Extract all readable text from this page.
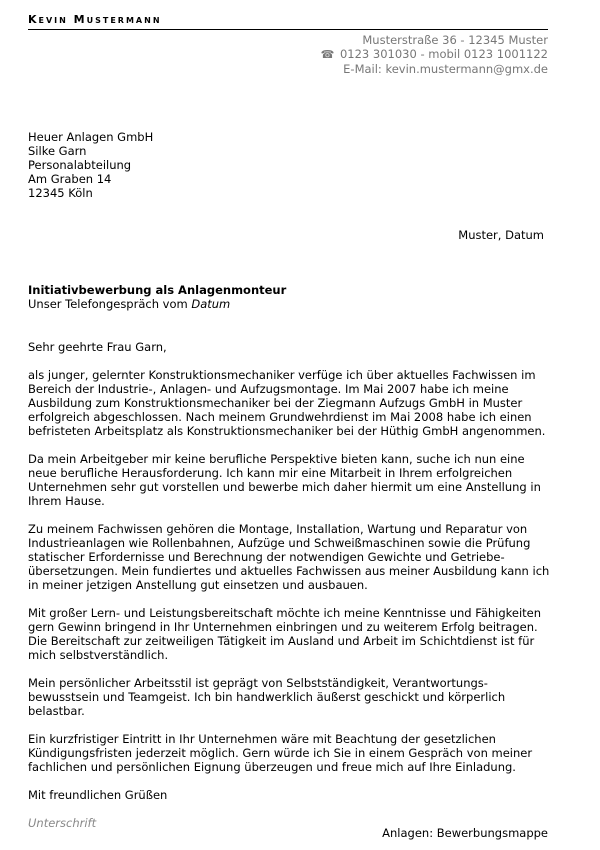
Kevin Mustermann
Musterstraße 36 - 12345 Muster
☎ 0123 301030 - mobil 0123 1001122
E-Mail: kevin.mustermann@gmx.de
Heuer Anlagen GmbH
Silke Garn
Personalabteilung
Am Graben 14
12345 Köln
Muster, Datum
Initiativbewerbung als Anlagenmonteur
Unser Telefongespräch vom Datum

Sehr geehrte Frau Garn,

als junger, gelernter Konstruktionsmechaniker verfüge ich über aktuelles Fachwissen im Bereich der Industrie-, Anlagen- und Aufzugsmontage. Im Mai 2007 habe ich meine Ausbildung zum Konstruktionsmechaniker bei der Ziegmann Aufzugs GmbH in Muster erfolgreich abgeschlossen. Nach meinem Grundwehrdienst im Mai 2008 habe ich einen befristeten Arbeitsplatz als Konstruktionsmechaniker bei der Hüthig GmbH angenommen.

Da mein Arbeitgeber mir keine berufliche Perspektive bieten kann, suche ich nun eine neue berufliche Herausforderung. Ich kann mir eine Mitarbeit in Ihrem erfolgreichen Unternehmen sehr gut vorstellen und bewerbe mich daher hiermit um eine Anstellung in Ihrem Hause.

Zu meinem Fachwissen gehören die Montage, Installation, Wartung und Reparatur von Industrieanlagen wie Rollenbahnen, Aufzüge und Schweißmaschinen sowie die Prüfung statischer Erfordernisse und Berechnung der notwendigen Gewichte und Getriebe-übersetzungen. Mein fundiertes und aktuelles Fachwissen aus meiner Ausbildung kann ich in meiner jetzigen Anstellung gut einsetzen und ausbauen.

Mit großer Lern- und Leistungsbereitschaft möchte ich meine Kenntnisse und Fähigkeiten gern Gewinn bringend in Ihr Unternehmen einbringen und zu weiterem Erfolg beitragen. Die Bereitschaft zur zeitweiligen Tätigkeit im Ausland und Arbeit im Schichtdienst ist für mich selbstverständlich.

Mein persönlicher Arbeitsstil ist geprägt von Selbstständigkeit, Verantwortungs-bewusstsein und Teamgeist. Ich bin handwerklich äußerst geschickt und körperlich belastbar.

Ein kurzfristiger Eintritt in Ihr Unternehmen wäre mit Beachtung der gesetzlichen Kündigungsfristen jederzeit möglich. Gern würde ich Sie in einem Gespräch von meiner fachlichen und persönlichen Eignung überzeugen und freue mich auf Ihre Einladung.

Mit freundlichen Grüßen

Unterschrift
Anlagen: Bewerbungsmappe
